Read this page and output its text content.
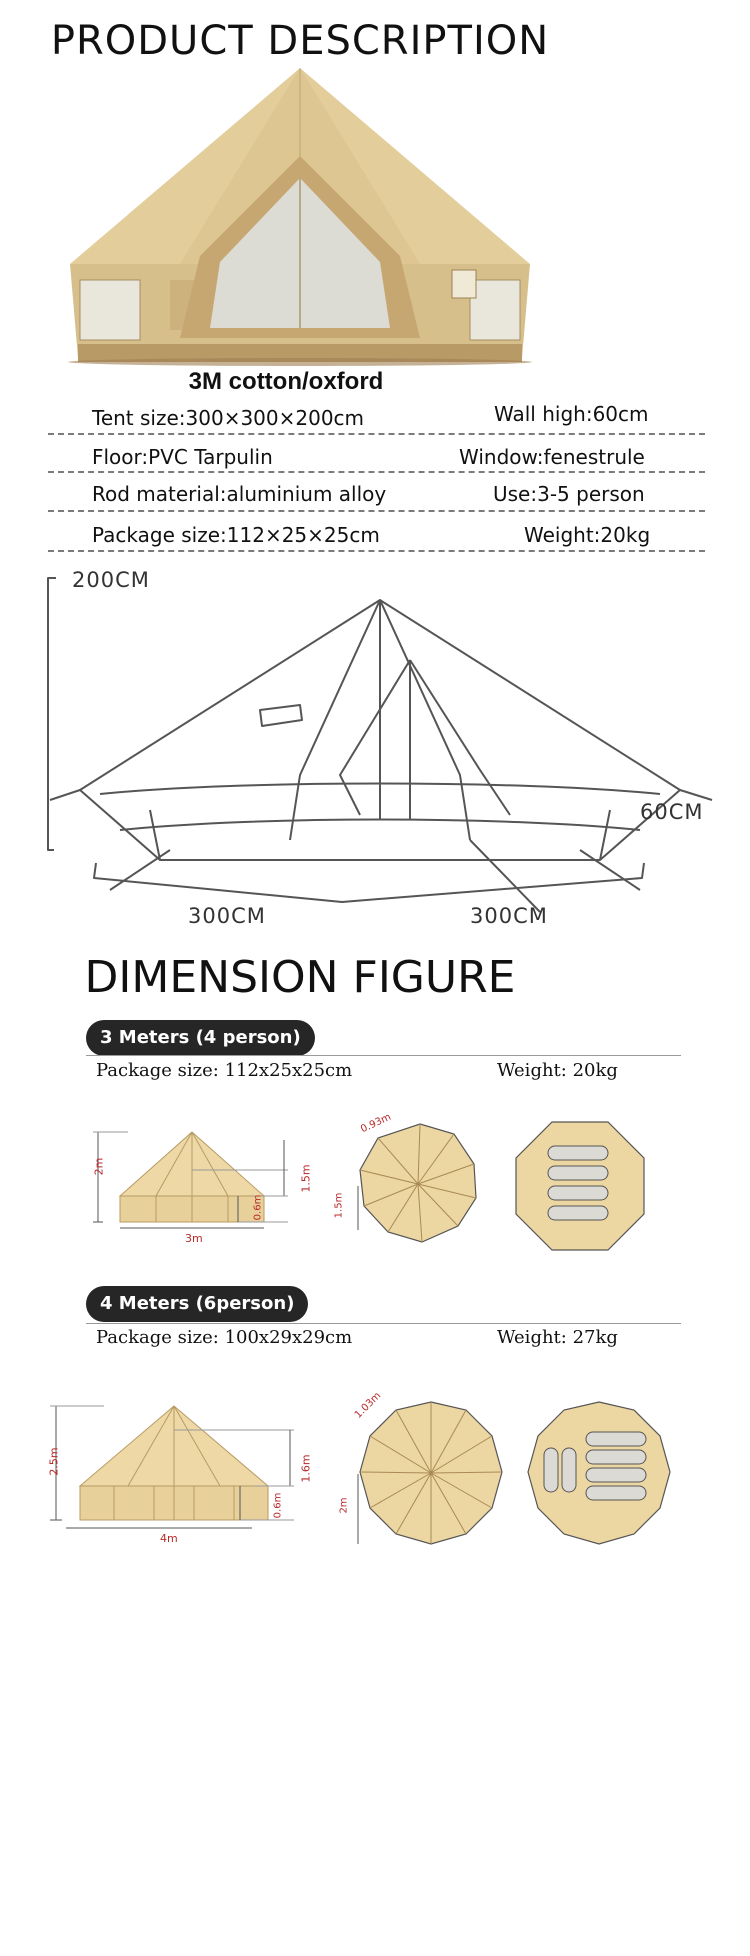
PRODUCT DESCRIPTION
3M cotton/oxford
Tent size:300×300×200cm	Wall high:60cm
Floor:PVC Tarpulin	Window:fenestrule
Rod material:aluminium alloy	Use:3-5 person
Package size:112×25×25cm	Weight:20kg
200CM
60CM
300CM	300CM
DIMENSION FIGURE
3 Meters (4 person)
Package size: 112x25x25cm	Weight: 20kg
2m	1.5m
0.6m
3m
0.93m
1.5m
4 Meters (6person)
Package size: 100x29x29cm	Weight: 27kg
2.5m	1.6m
0.6m
4m
1.03m
2m
